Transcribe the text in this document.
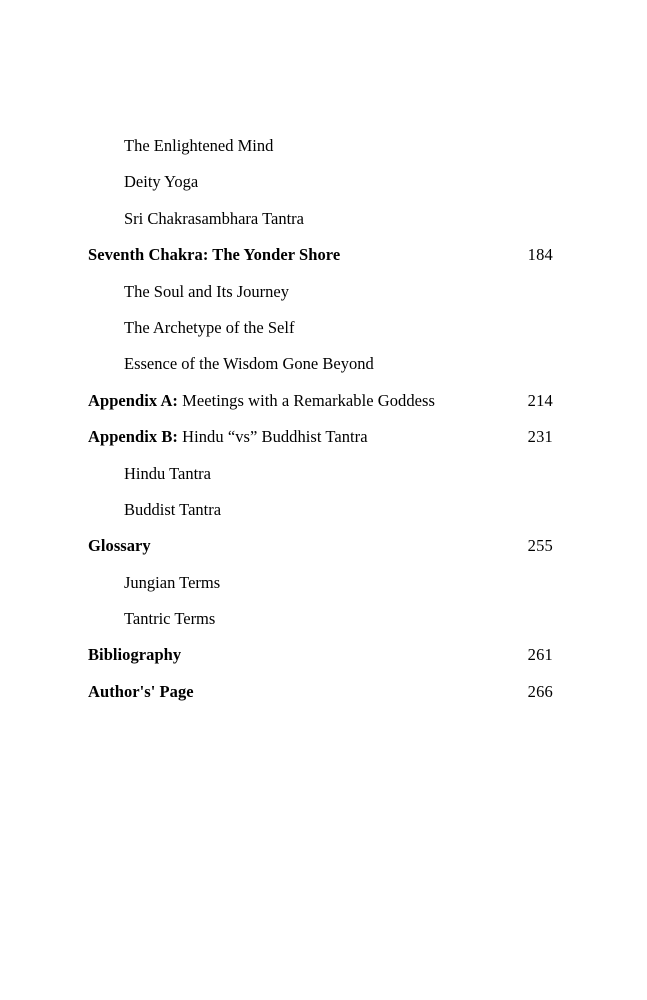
The Enlightened Mind
Deity Yoga
Sri Chakrasambhara Tantra
Seventh Chakra: The Yonder Shore	184
The Soul and Its Journey
The Archetype of the Self
Essence of the Wisdom Gone Beyond
Appendix A: Meetings with a Remarkable Goddess	214
Appendix B: Hindu “vs” Buddhist Tantra	231
Hindu Tantra
Buddist Tantra
Glossary	255
Jungian Terms
Tantric Terms
Bibliography	261
Author's' Page	266
